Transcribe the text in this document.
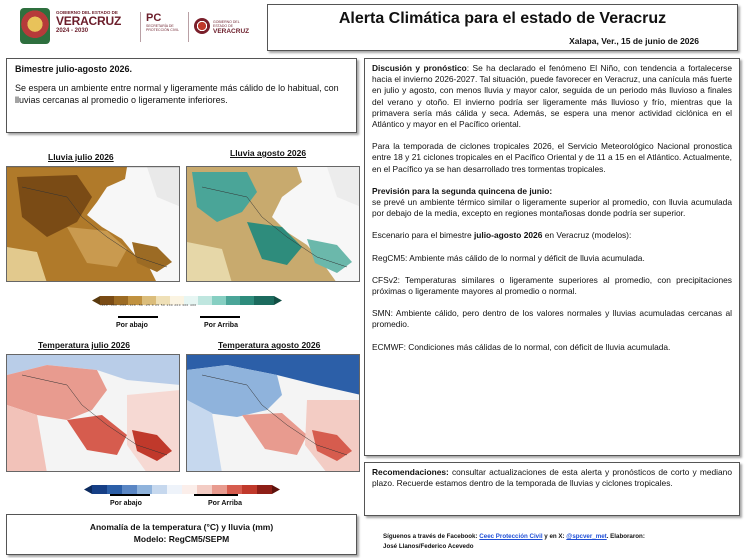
GOBIERNO DEL ESTADO DE
VERACRUZ
2024 - 2030
PC
SECRETARÍA DE PROTECCIÓN CIVIL
GOBIERNO DEL ESTADO DE
VERACRUZ
Alerta Climática para el estado de Veracruz
Xalapa, Ver., 15 de junio de 2026
Bimestre julio-agosto 2026.
Se espera un ambiente entre normal y ligeramente más cálido de lo habitual, con lluvias cercanas al promedio o ligeramente inferiores.
Lluvia julio 2026	Lluvia agosto 2026
-400 -300 -200 -100 -50 -25 0 25 50 100 200 300 400
Por abajo	Por Arriba
Temperatura julio 2026	Temperatura agosto 2026
Por abajo	Por Arriba
Anomalía de la temperatura (°C) y lluvia (mm)
Modelo: RegCM5/SEPM

Discusión y pronóstico: Se ha declarado el fenómeno El Niño, con tendencia a fortalecerse hacia el invierno 2026-2027. Tal situación, puede favorecer en Veracruz, una canícula más fuerte en julio y agosto, con menos lluvia y mayor calor, seguida de un periodo más lluvioso a finales del verano y otoño. El invierno podría ser ligeramente más lluvioso y frío, mientras que la primavera sería más cálida y seca. Además, se espera una menor actividad ciclónica en el Atlántico y mayor en el Pacífico oriental.

Para la temporada de ciclones tropicales 2026, el Servicio Meteorológico Nacional pronostica entre 18 y 21 ciclones tropicales en el Pacífico Oriental y de 11 a 15 en el Atlántico. Actualmente, en el Pacífico ya se han desarrollado tres tormentas tropicales.

Previsión para la segunda quincena de junio:

se prevé un ambiente térmico similar o ligeramente superior al promedio, con lluvia acumulada por debajo de la media, excepto en regiones montañosas donde podría ser superior.

Escenario para el bimestre julio-agosto 2026 en Veracruz (modelos):

RegCM5: Ambiente más cálido de lo normal y déficit de lluvia acumulada.

CFSv2: Temperaturas similares o ligeramente superiores al promedio, con precipitaciones próximas o ligeramente mayores al promedio o normal.

SMN: Ambiente cálido, pero dentro de los valores normales y lluvias acumuladas cercanas al promedio.

ECMWF: Condiciones más cálidas de lo normal, con déficit de lluvia acumulada.

Recomendaciones: consultar actualizaciones de esta alerta y pronósticos de corto y mediano plazo. Recuerde estamos dentro de la temporada de lluvias y ciclones tropicales.

Síguenos a través de Facebook: Ceec Protección Civil y en X: @spcver_met. Elaboraron:
José Llanos/Federico Acevedo
